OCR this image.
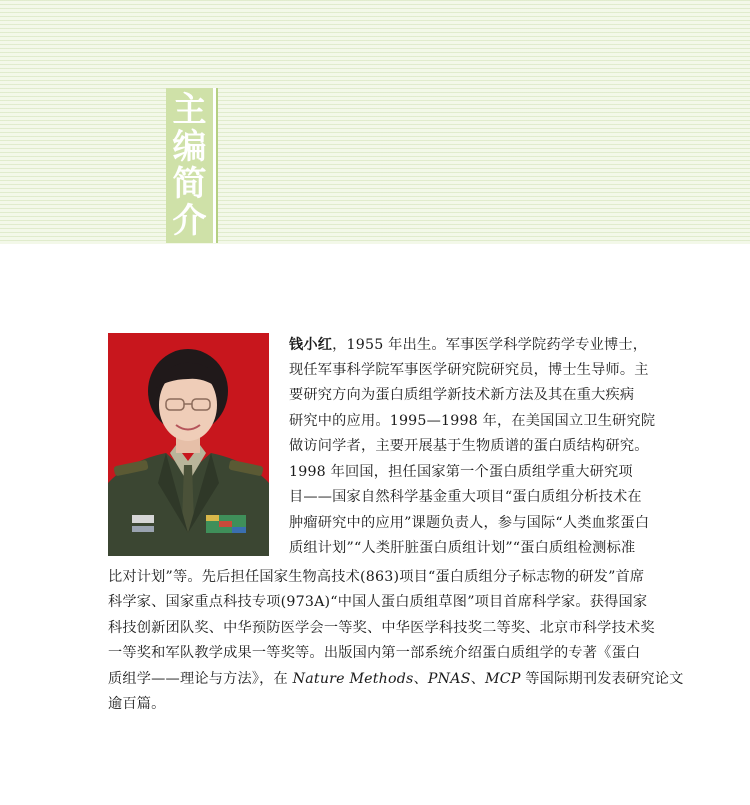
主
编
简
介
钱小红，1955 年出生。军事医学科学院药学专业博士，
现任军事科学院军事医学研究院研究员，博士生导师。主
要研究方向为蛋白质组学新技术新方法及其在重大疾病
研究中的应用。1995—1998 年，在美国国立卫生研究院
做访问学者，主要开展基于生物质谱的蛋白质结构研究。
1998 年回国，担任国家第一个蛋白质组学重大研究项
目——国家自然科学基金重大项目“蛋白质组分析技术在
肿瘤研究中的应用”课题负责人，参与国际“人类血浆蛋白
质组计划”“人类肝脏蛋白质组计划”“蛋白质组检测标准
比对计划”等。先后担任国家生物高技术(863)项目“蛋白质组分子标志物的研发”首席
科学家、国家重点科技专项(973A)“中国人蛋白质组草图”项目首席科学家。获得国家
科技创新团队奖、中华预防医学会一等奖、中华医学科技奖二等奖、北京市科学技术奖
一等奖和军队教学成果一等奖等。出版国内第一部系统介绍蛋白质组学的专著《蛋白
质组学——理论与方法》，在 Nature Methods、PNAS、MCP 等国际期刊发表研究论文
逾百篇。
